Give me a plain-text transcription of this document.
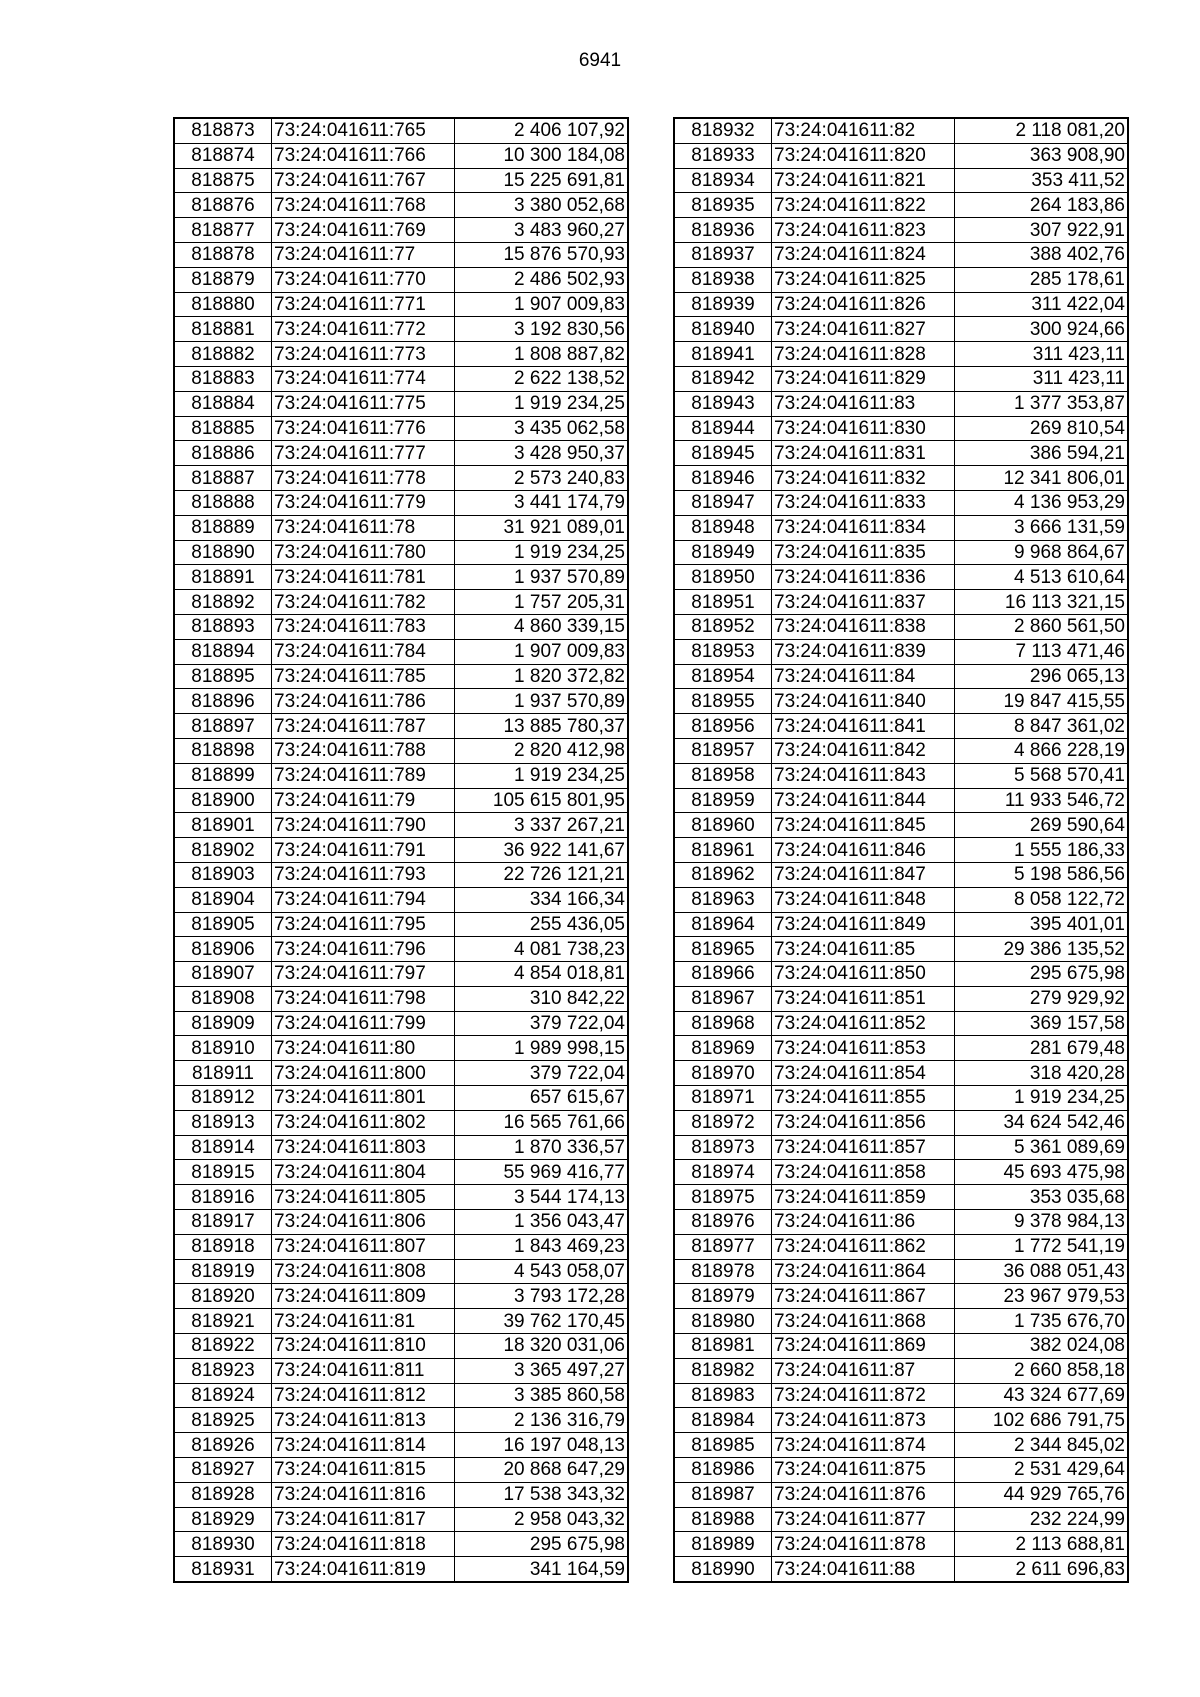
6941
818873	73:24:041611:765	2 406 107,92
818874	73:24:041611:766	10 300 184,08
818875	73:24:041611:767	15 225 691,81
818876	73:24:041611:768	3 380 052,68
818877	73:24:041611:769	3 483 960,27
818878	73:24:041611:77	15 876 570,93
818879	73:24:041611:770	2 486 502,93
818880	73:24:041611:771	1 907 009,83
818881	73:24:041611:772	3 192 830,56
818882	73:24:041611:773	1 808 887,82
818883	73:24:041611:774	2 622 138,52
818884	73:24:041611:775	1 919 234,25
818885	73:24:041611:776	3 435 062,58
818886	73:24:041611:777	3 428 950,37
818887	73:24:041611:778	2 573 240,83
818888	73:24:041611:779	3 441 174,79
818889	73:24:041611:78	31 921 089,01
818890	73:24:041611:780	1 919 234,25
818891	73:24:041611:781	1 937 570,89
818892	73:24:041611:782	1 757 205,31
818893	73:24:041611:783	4 860 339,15
818894	73:24:041611:784	1 907 009,83
818895	73:24:041611:785	1 820 372,82
818896	73:24:041611:786	1 937 570,89
818897	73:24:041611:787	13 885 780,37
818898	73:24:041611:788	2 820 412,98
818899	73:24:041611:789	1 919 234,25
818900	73:24:041611:79	105 615 801,95
818901	73:24:041611:790	3 337 267,21
818902	73:24:041611:791	36 922 141,67
818903	73:24:041611:793	22 726 121,21
818904	73:24:041611:794	334 166,34
818905	73:24:041611:795	255 436,05
818906	73:24:041611:796	4 081 738,23
818907	73:24:041611:797	4 854 018,81
818908	73:24:041611:798	310 842,22
818909	73:24:041611:799	379 722,04
818910	73:24:041611:80	1 989 998,15
818911	73:24:041611:800	379 722,04
818912	73:24:041611:801	657 615,67
818913	73:24:041611:802	16 565 761,66
818914	73:24:041611:803	1 870 336,57
818915	73:24:041611:804	55 969 416,77
818916	73:24:041611:805	3 544 174,13
818917	73:24:041611:806	1 356 043,47
818918	73:24:041611:807	1 843 469,23
818919	73:24:041611:808	4 543 058,07
818920	73:24:041611:809	3 793 172,28
818921	73:24:041611:81	39 762 170,45
818922	73:24:041611:810	18 320 031,06
818923	73:24:041611:811	3 365 497,27
818924	73:24:041611:812	3 385 860,58
818925	73:24:041611:813	2 136 316,79
818926	73:24:041611:814	16 197 048,13
818927	73:24:041611:815	20 868 647,29
818928	73:24:041611:816	17 538 343,32
818929	73:24:041611:817	2 958 043,32
818930	73:24:041611:818	295 675,98
818931	73:24:041611:819	341 164,59
818932	73:24:041611:82	2 118 081,20
818933	73:24:041611:820	363 908,90
818934	73:24:041611:821	353 411,52
818935	73:24:041611:822	264 183,86
818936	73:24:041611:823	307 922,91
818937	73:24:041611:824	388 402,76
818938	73:24:041611:825	285 178,61
818939	73:24:041611:826	311 422,04
818940	73:24:041611:827	300 924,66
818941	73:24:041611:828	311 423,11
818942	73:24:041611:829	311 423,11
818943	73:24:041611:83	1 377 353,87
818944	73:24:041611:830	269 810,54
818945	73:24:041611:831	386 594,21
818946	73:24:041611:832	12 341 806,01
818947	73:24:041611:833	4 136 953,29
818948	73:24:041611:834	3 666 131,59
818949	73:24:041611:835	9 968 864,67
818950	73:24:041611:836	4 513 610,64
818951	73:24:041611:837	16 113 321,15
818952	73:24:041611:838	2 860 561,50
818953	73:24:041611:839	7 113 471,46
818954	73:24:041611:84	296 065,13
818955	73:24:041611:840	19 847 415,55
818956	73:24:041611:841	8 847 361,02
818957	73:24:041611:842	4 866 228,19
818958	73:24:041611:843	5 568 570,41
818959	73:24:041611:844	11 933 546,72
818960	73:24:041611:845	269 590,64
818961	73:24:041611:846	1 555 186,33
818962	73:24:041611:847	5 198 586,56
818963	73:24:041611:848	8 058 122,72
818964	73:24:041611:849	395 401,01
818965	73:24:041611:85	29 386 135,52
818966	73:24:041611:850	295 675,98
818967	73:24:041611:851	279 929,92
818968	73:24:041611:852	369 157,58
818969	73:24:041611:853	281 679,48
818970	73:24:041611:854	318 420,28
818971	73:24:041611:855	1 919 234,25
818972	73:24:041611:856	34 624 542,46
818973	73:24:041611:857	5 361 089,69
818974	73:24:041611:858	45 693 475,98
818975	73:24:041611:859	353 035,68
818976	73:24:041611:86	9 378 984,13
818977	73:24:041611:862	1 772 541,19
818978	73:24:041611:864	36 088 051,43
818979	73:24:041611:867	23 967 979,53
818980	73:24:041611:868	1 735 676,70
818981	73:24:041611:869	382 024,08
818982	73:24:041611:87	2 660 858,18
818983	73:24:041611:872	43 324 677,69
818984	73:24:041611:873	102 686 791,75
818985	73:24:041611:874	2 344 845,02
818986	73:24:041611:875	2 531 429,64
818987	73:24:041611:876	44 929 765,76
818988	73:24:041611:877	232 224,99
818989	73:24:041611:878	2 113 688,81
818990	73:24:041611:88	2 611 696,83
